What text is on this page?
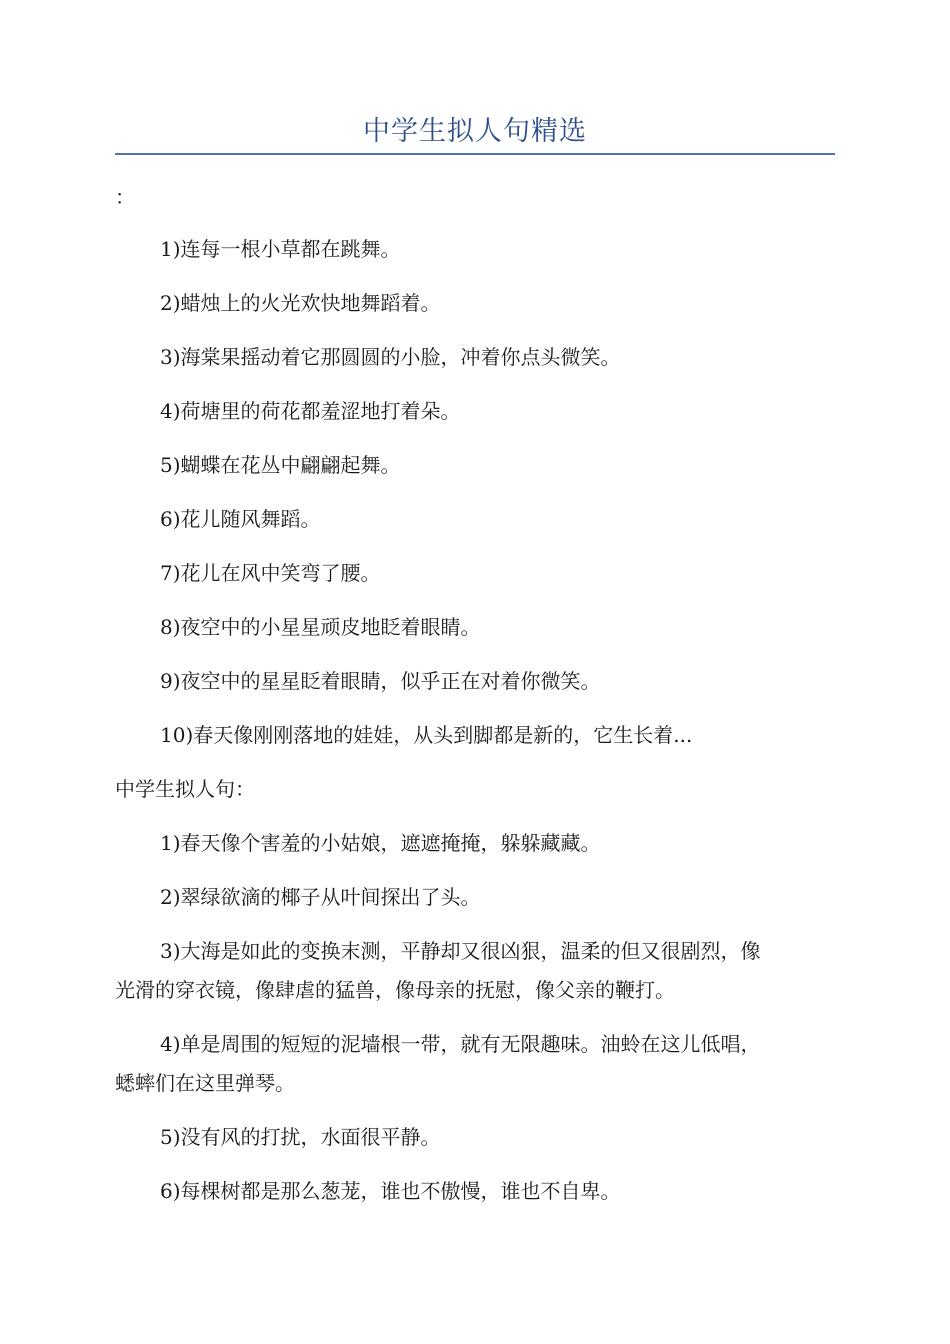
中学生拟人句精选
：
1)连每一根小草都在跳舞。
2)蜡烛上的火光欢快地舞蹈着。
3)海棠果摇动着它那圆圆的小脸，冲着你点头微笑。
4)荷塘里的荷花都羞涩地打着朵。
5)蝴蝶在花丛中翩翩起舞。
6)花儿随风舞蹈。
7)花儿在风中笑弯了腰。
8)夜空中的小星星顽皮地眨着眼睛。
9)夜空中的星星眨着眼睛，似乎正在对着你微笑。
10)春天像刚刚落地的娃娃，从头到脚都是新的，它生长着...
中学生拟人句：
1)春天像个害羞的小姑娘，遮遮掩掩，躲躲藏藏。
2)翠绿欲滴的椰子从叶间探出了头。
3)大海是如此的变换末测，平静却又很凶狠，温柔的但又很剧烈，像
光滑的穿衣镜，像肆虐的猛兽，像母亲的抚慰，像父亲的鞭打。
4)单是周围的短短的泥墙根一带，就有无限趣味。油蛉在这儿低唱，
蟋蟀们在这里弹琴。
5)没有风的打扰，水面很平静。
6)每棵树都是那么葱茏，谁也不傲慢，谁也不自卑。
